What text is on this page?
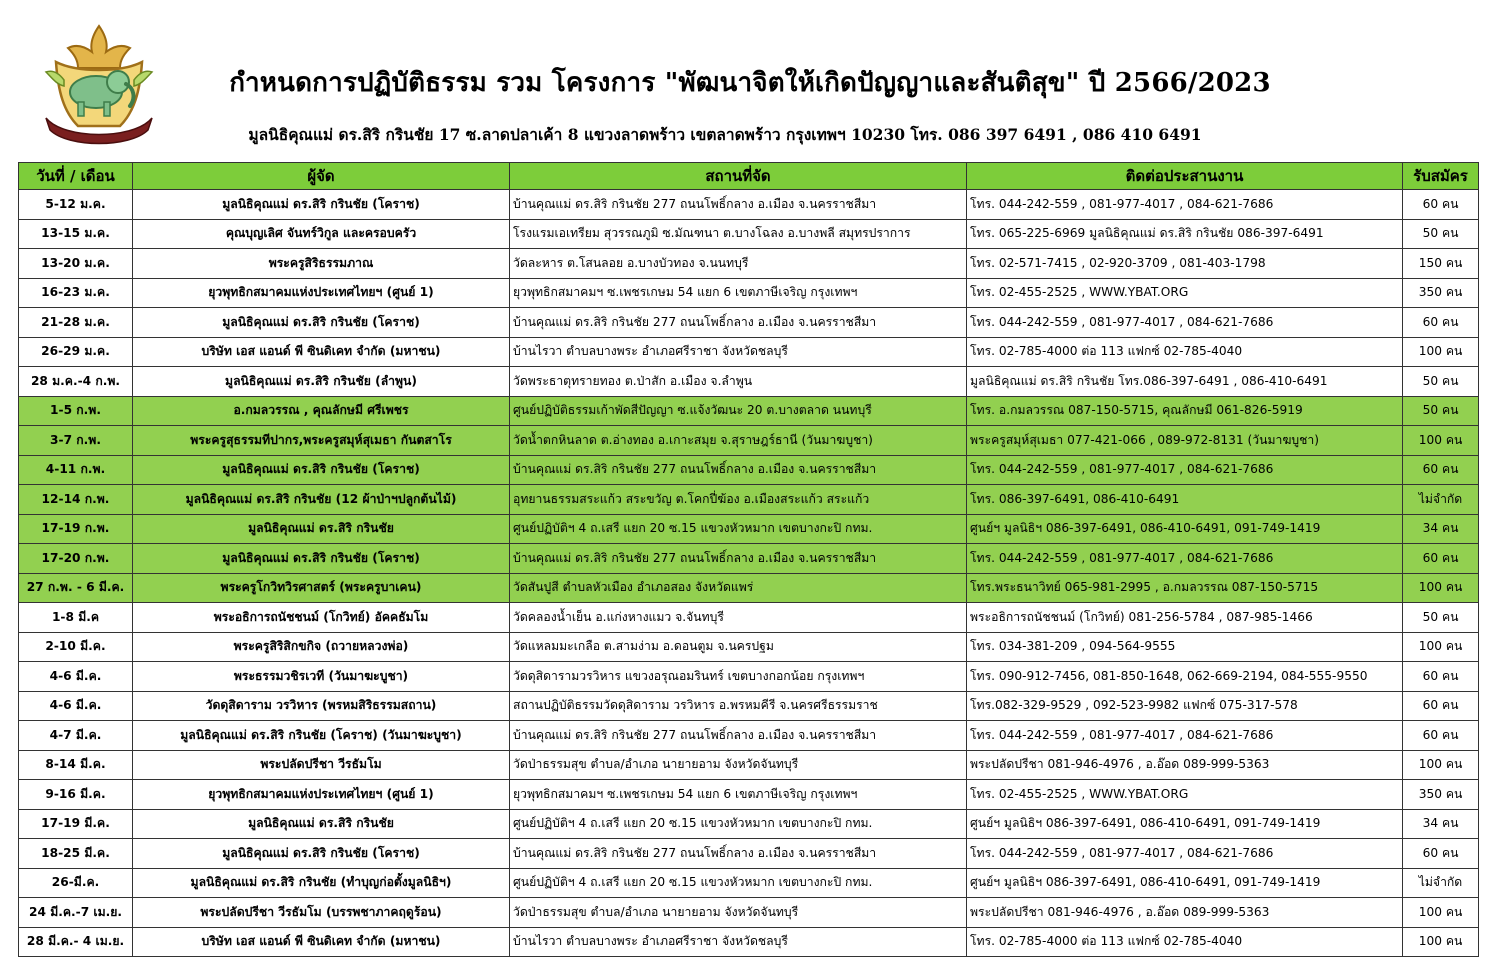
กำหนดการปฏิบัติธรรม รวม โครงการ "พัฒนาจิตให้เกิดปัญญาและสันติสุข" ปี 2566/2023
มูลนิธิคุณแม่ ดร.สิริ กรินชัย 17 ซ.ลาดปลาเค้า 8 แขวงลาดพร้าว เขตลาดพร้าว กรุงเทพฯ 10230 โทร. 086 397 6491 , 086 410 6491
วันที่ / เดือน	ผู้จัด	สถานที่จัด	ติดต่อประสานงาน	รับสมัคร
5-12 ม.ค.	มูลนิธิคุณแม่ ดร.สิริ กรินชัย (โคราช)	บ้านคุณแม่ ดร.สิริ กรินชัย 277 ถนนโพธิ์กลาง อ.เมือง จ.นครราชสีมา	โทร. 044-242-559 , 081-977-4017 , 084-621-7686	60 คน
13-15 ม.ค.	คุณบุญเลิศ จันทร์วิกูล และครอบครัว	โรงแรมเอเทรียม สุวรรณภูมิ ซ.มัณฑนา ต.บางโฉลง อ.บางพลี สมุทรปราการ	โทร. 065-225-6969 มูลนิธิคุณแม่ ดร.สิริ กรินชัย 086-397-6491	50 คน
13-20 ม.ค.	พระครูสิริธรรมภาณ	วัดละหาร ต.โสนลอย อ.บางบัวทอง จ.นนทบุรี	โทร. 02-571-7415 , 02-920-3709 , 081-403-1798	150 คน
16-23 ม.ค.	ยุวพุทธิกสมาคมแห่งประเทศไทยฯ (ศูนย์ 1)	ยุวพุทธิกสมาคมฯ ซ.เพชรเกษม 54 แยก 6 เขตภาษีเจริญ กรุงเทพฯ	โทร. 02-455-2525 , WWW.YBAT.ORG	350 คน
21-28 ม.ค.	มูลนิธิคุณแม่ ดร.สิริ กรินชัย (โคราช)	บ้านคุณแม่ ดร.สิริ กรินชัย 277 ถนนโพธิ์กลาง อ.เมือง จ.นครราชสีมา	โทร. 044-242-559 , 081-977-4017 , 084-621-7686	60 คน
26-29 ม.ค.	บริษัท เอส แอนด์ พี ซินดิเคท จำกัด (มหาชน)	บ้านไรวา ตำบลบางพระ อำเภอศรีราชา จังหวัดชลบุรี	โทร. 02-785-4000 ต่อ 113 แฟกซ์ 02-785-4040	100 คน
28 ม.ค.-4 ก.พ.	มูลนิธิคุณแม่ ดร.สิริ กรินชัย (ลำพูน)	วัดพระธาตุทรายทอง ต.ป่าสัก อ.เมือง จ.ลำพูน	มูลนิธิคุณแม่ ดร.สิริ กรินชัย โทร.086-397-6491 , 086-410-6491	50 คน
1-5 ก.พ.	อ.กมลวรรณ , คุณลักษมี ศรีเพชร	ศูนย์ปฏิบัติธรรมเก้าพัดสีปัญญา ซ.แจ้งวัฒนะ 20 ต.บางตลาด นนทบุรี	โทร. อ.กมลวรรณ 087-150-5715, คุณลักษมี 061-826-5919	50 คน
3-7 ก.พ.	พระครูสุธรรมทีปากร,พระครูสมุห์สุเมธา กันตสาโร	วัดน้ำตกหินลาด ต.อ่างทอง อ.เกาะสมุย จ.สุราษฎร์ธานี (วันมาฆบูชา)	พระครูสมุห์สุเมธา 077-421-066 , 089-972-8131 (วันมาฆบูชา)	100 คน
4-11 ก.พ.	มูลนิธิคุณแม่ ดร.สิริ กรินชัย (โคราช)	บ้านคุณแม่ ดร.สิริ กรินชัย 277 ถนนโพธิ์กลาง อ.เมือง จ.นครราชสีมา	โทร. 044-242-559 , 081-977-4017 , 084-621-7686	60 คน
12-14 ก.พ.	มูลนิธิคุณแม่ ดร.สิริ กรินชัย (12 ผ้าป่าฯปลูกต้นไม้)	อุทยานธรรมสระแก้ว สระขวัญ ต.โคกปี่ฆ้อง อ.เมืองสระแก้ว สระแก้ว	โทร. 086-397-6491, 086-410-6491	ไม่จำกัด
17-19 ก.พ.	มูลนิธิคุณแม่ ดร.สิริ กรินชัย	ศูนย์ปฏิบัติฯ 4 ถ.เสรี แยก 20 ซ.15 แขวงหัวหมาก เขตบางกะปิ กทม.	ศูนย์ฯ มูลนิธิฯ 086-397-6491, 086-410-6491, 091-749-1419	34 คน
17-20 ก.พ.	มูลนิธิคุณแม่ ดร.สิริ กรินชัย (โคราช)	บ้านคุณแม่ ดร.สิริ กรินชัย 277 ถนนโพธิ์กลาง อ.เมือง จ.นครราชสีมา	โทร. 044-242-559 , 081-977-4017 , 084-621-7686	60 คน
27 ก.พ. - 6 มี.ค.	พระครูโกวิทวิรศาสตร์ (พระครูบาเคน)	วัดสันปูสี ตำบลหัวเมือง อำเภอสอง จังหวัดแพร่	โทร.พระธนาวิทย์ 065-981-2995 , อ.กมลวรรณ 087-150-5715	100 คน
1-8 มี.ค	พระอธิการถนัชชนม์ (โกวิทย์) อัคคธัมโม	วัดคลองน้ำเย็น อ.แก่งหางแมว จ.จันทบุรี	พระอธิการถนัชชนม์ (โกวิทย์) 081-256-5784 , 087-985-1466	50 คน
2-10 มี.ค.	พระครูสิริสิกขกิจ (ถวายหลวงพ่อ)	วัดแหลมมะเกลือ ต.สามง่าม อ.ดอนตูม จ.นครปฐม	โทร. 034-381-209 , 094-564-9555	100 คน
4-6 มี.ค.	พระธรรมวชิรเวที (วันมาฆะบูชา)	วัดดุสิดารามวรวิหาร แขวงอรุณอมรินทร์ เขตบางกอกน้อย กรุงเทพฯ	โทร. 090-912-7456, 081-850-1648, 062-669-2194, 084-555-9550	60 คน
4-6 มี.ค.	วัดดุสิดาราม วรวิหาร (พรหมสิริธรรมสถาน)	สถานปฏิบัติธรรมวัดดุสิดาราม วรวิหาร อ.พรหมคีรี จ.นครศรีธรรมราช	โทร.082-329-9529 , 092-523-9982 แฟกซ์ 075-317-578	60 คน
4-7 มี.ค.	มูลนิธิคุณแม่ ดร.สิริ กรินชัย (โคราช) (วันมาฆะบูชา)	บ้านคุณแม่ ดร.สิริ กรินชัย 277 ถนนโพธิ์กลาง อ.เมือง จ.นครราชสีมา	โทร. 044-242-559 , 081-977-4017 , 084-621-7686	60 คน
8-14 มี.ค.	พระปลัดปรีชา วีรธัมโม	วัดป่าธรรมสุข ตำบล/อำเภอ นายายอาม จังหวัดจันทบุรี	พระปลัดปรีชา 081-946-4976 , อ.อ๊อด 089-999-5363	100 คน
9-16 มี.ค.	ยุวพุทธิกสมาคมแห่งประเทศไทยฯ (ศูนย์ 1)	ยุวพุทธิกสมาคมฯ ซ.เพชรเกษม 54 แยก 6 เขตภาษีเจริญ กรุงเทพฯ	โทร. 02-455-2525 , WWW.YBAT.ORG	350 คน
17-19 มี.ค.	มูลนิธิคุณแม่ ดร.สิริ กรินชัย	ศูนย์ปฏิบัติฯ 4 ถ.เสรี แยก 20 ซ.15 แขวงหัวหมาก เขตบางกะปิ กทม.	ศูนย์ฯ มูลนิธิฯ 086-397-6491, 086-410-6491, 091-749-1419	34 คน
18-25 มี.ค.	มูลนิธิคุณแม่ ดร.สิริ กรินชัย (โคราช)	บ้านคุณแม่ ดร.สิริ กรินชัย 277 ถนนโพธิ์กลาง อ.เมือง จ.นครราชสีมา	โทร. 044-242-559 , 081-977-4017 , 084-621-7686	60 คน
26-มี.ค.	มูลนิธิคุณแม่ ดร.สิริ กรินชัย (ทำบุญก่อตั้งมูลนิธิฯ)	ศูนย์ปฏิบัติฯ 4 ถ.เสรี แยก 20 ซ.15 แขวงหัวหมาก เขตบางกะปิ กทม.	ศูนย์ฯ มูลนิธิฯ 086-397-6491, 086-410-6491, 091-749-1419	ไม่จำกัด
24 มี.ค.-7 เม.ย.	พระปลัดปรีชา วีรธัมโม (บรรพชาภาคฤดูร้อน)	วัดป่าธรรมสุข ตำบล/อำเภอ นายายอาม จังหวัดจันทบุรี	พระปลัดปรีชา 081-946-4976 , อ.อ๊อด 089-999-5363	100 คน
28 มี.ค.- 4 เม.ย.	บริษัท เอส แอนด์ พี ซินดิเคท จำกัด (มหาชน)	บ้านไรวา ตำบลบางพระ อำเภอศรีราชา จังหวัดชลบุรี	โทร. 02-785-4000 ต่อ 113 แฟกซ์ 02-785-4040	100 คน
